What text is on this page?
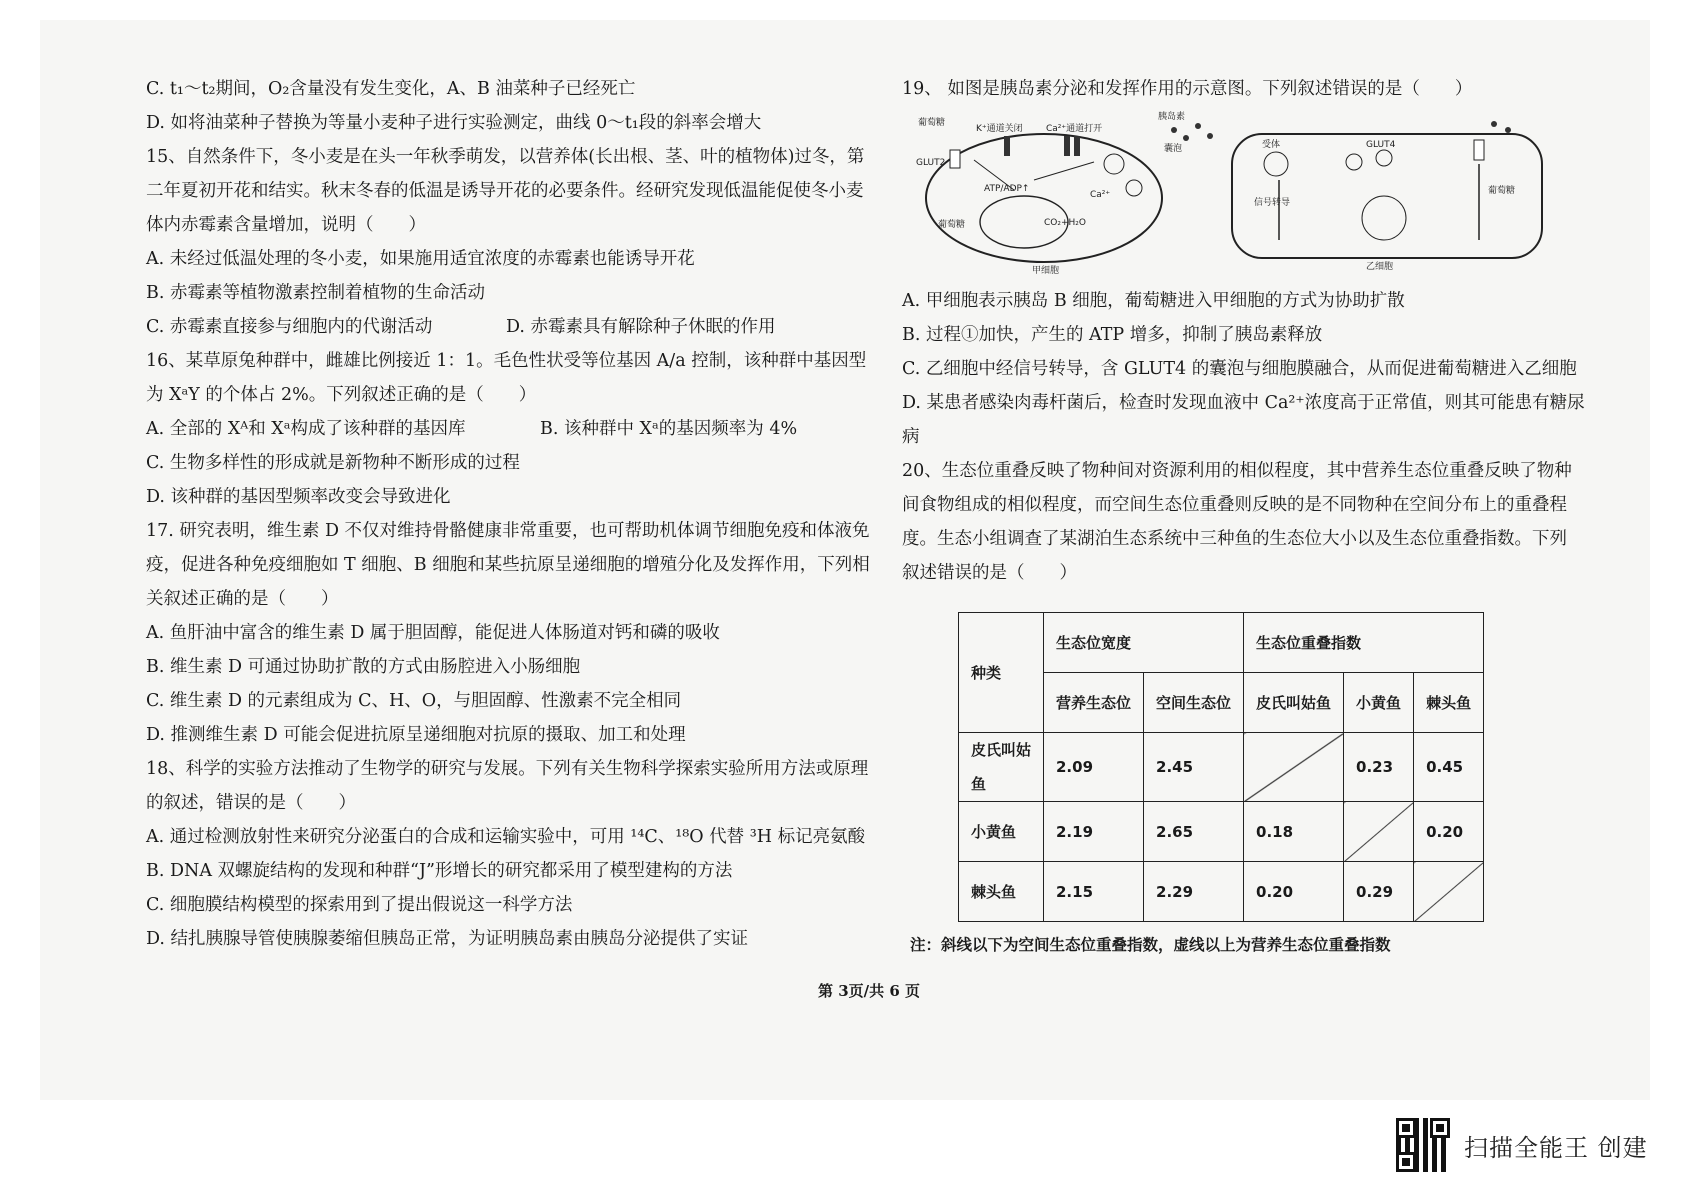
C. t₁～t₂期间，O₂含量没有发生变化，A、B 油菜种子已经死亡

D. 如将油菜种子替换为等量小麦种子进行实验测定，曲线 0～t₁段的斜率会增大

15、自然条件下，冬小麦是在头一年秋季萌发，以营养体(长出根、茎、叶的植物体)过冬，第

二年夏初开花和结实。秋末冬春的低温是诱导开花的必要条件。经研究发现低温能促使冬小麦

体内赤霉素含量增加，说明（　　）

A. 未经过低温处理的冬小麦，如果施用适宜浓度的赤霉素也能诱导开花

B. 赤霉素等植物激素控制着植物的生命活动

C. 赤霉素直接参与细胞内的代谢活动	D. 赤霉素具有解除种子休眠的作用

16、某草原兔种群中，雌雄比例接近 1：1。毛色性状受等位基因 A/a 控制，该种群中基因型

为 XᵃY 的个体占 2%。下列叙述正确的是（　　）

A. 全部的 Xᴬ和 Xᵃ构成了该种群的基因库	B. 该种群中 Xᵃ的基因频率为 4%

C. 生物多样性的形成就是新物种不断形成的过程

D. 该种群的基因型频率改变会导致进化

17. 研究表明，维生素 D 不仅对维持骨骼健康非常重要，也可帮助机体调节细胞免疫和体液免

疫，促进各种免疫细胞如 T 细胞、B 细胞和某些抗原呈递细胞的增殖分化及发挥作用，下列相

关叙述正确的是（　　）

A. 鱼肝油中富含的维生素 D 属于胆固醇，能促进人体肠道对钙和磷的吸收

B. 维生素 D 可通过协助扩散的方式由肠腔进入小肠细胞

C. 维生素 D 的元素组成为 C、H、O，与胆固醇、性激素不完全相同

D. 推测维生素 D 可能会促进抗原呈递细胞对抗原的摄取、加工和处理

18、科学的实验方法推动了生物学的研究与发展。下列有关生物科学探索实验所用方法或原理

的叙述，错误的是（　　）

A. 通过检测放射性来研究分泌蛋白的合成和运输实验中，可用 ¹⁴C、¹⁸O 代替 ³H 标记亮氨酸

B. DNA 双螺旋结构的发现和种群“J”形增长的研究都采用了模型建构的方法

C. 细胞膜结构模型的探索用到了提出假说这一科学方法

D. 结扎胰腺导管使胰腺萎缩但胰岛正常，为证明胰岛素由胰岛分泌提供了实证

19、 如图是胰岛素分泌和发挥作用的示意图。下列叙述错误的是（　　）

葡萄糖
GLUT2
K⁺通道关闭	Ca²⁺通道打开
ATP/ADP↑
葡萄糖	CO₂+H₂O
Ca²⁺
甲细胞
胰岛素
囊泡	受体	GLUT4
信号转导
葡萄糖
乙细胞

A. 甲细胞表示胰岛 B 细胞，葡萄糖进入甲细胞的方式为协助扩散

B. 过程①加快，产生的 ATP 增多，抑制了胰岛素释放

C. 乙细胞中经信号转导，含 GLUT4 的囊泡与细胞膜融合，从而促进葡萄糖进入乙细胞

D. 某患者感染肉毒杆菌后，检查时发现血液中 Ca²⁺浓度高于正常值，则其可能患有糖尿

病

20、生态位重叠反映了物种间对资源利用的相似程度，其中营养生态位重叠反映了物种

间食物组成的相似程度，而空间生态位重叠则反映的是不同物种在空间分布上的重叠程

度。生态小组调查了某湖泊生态系统中三种鱼的生态位大小以及生态位重叠指数。下列

叙述错误的是（　　）

种类	生态位宽度		生态位重叠指数		
	营养生态位	空间生态位	皮氏叫姑鱼	小黄鱼	棘头鱼
皮氏叫姑鱼	2.09	2.45		0.23	0.45
小黄鱼	2.19	2.65	0.18		0.20
棘头鱼	2.15	2.29	0.20	0.29	

注：斜线以下为空间生态位重叠指数，虚线以上为营养生态位重叠指数

第 3页/共 6 页
扫描全能王 创建
